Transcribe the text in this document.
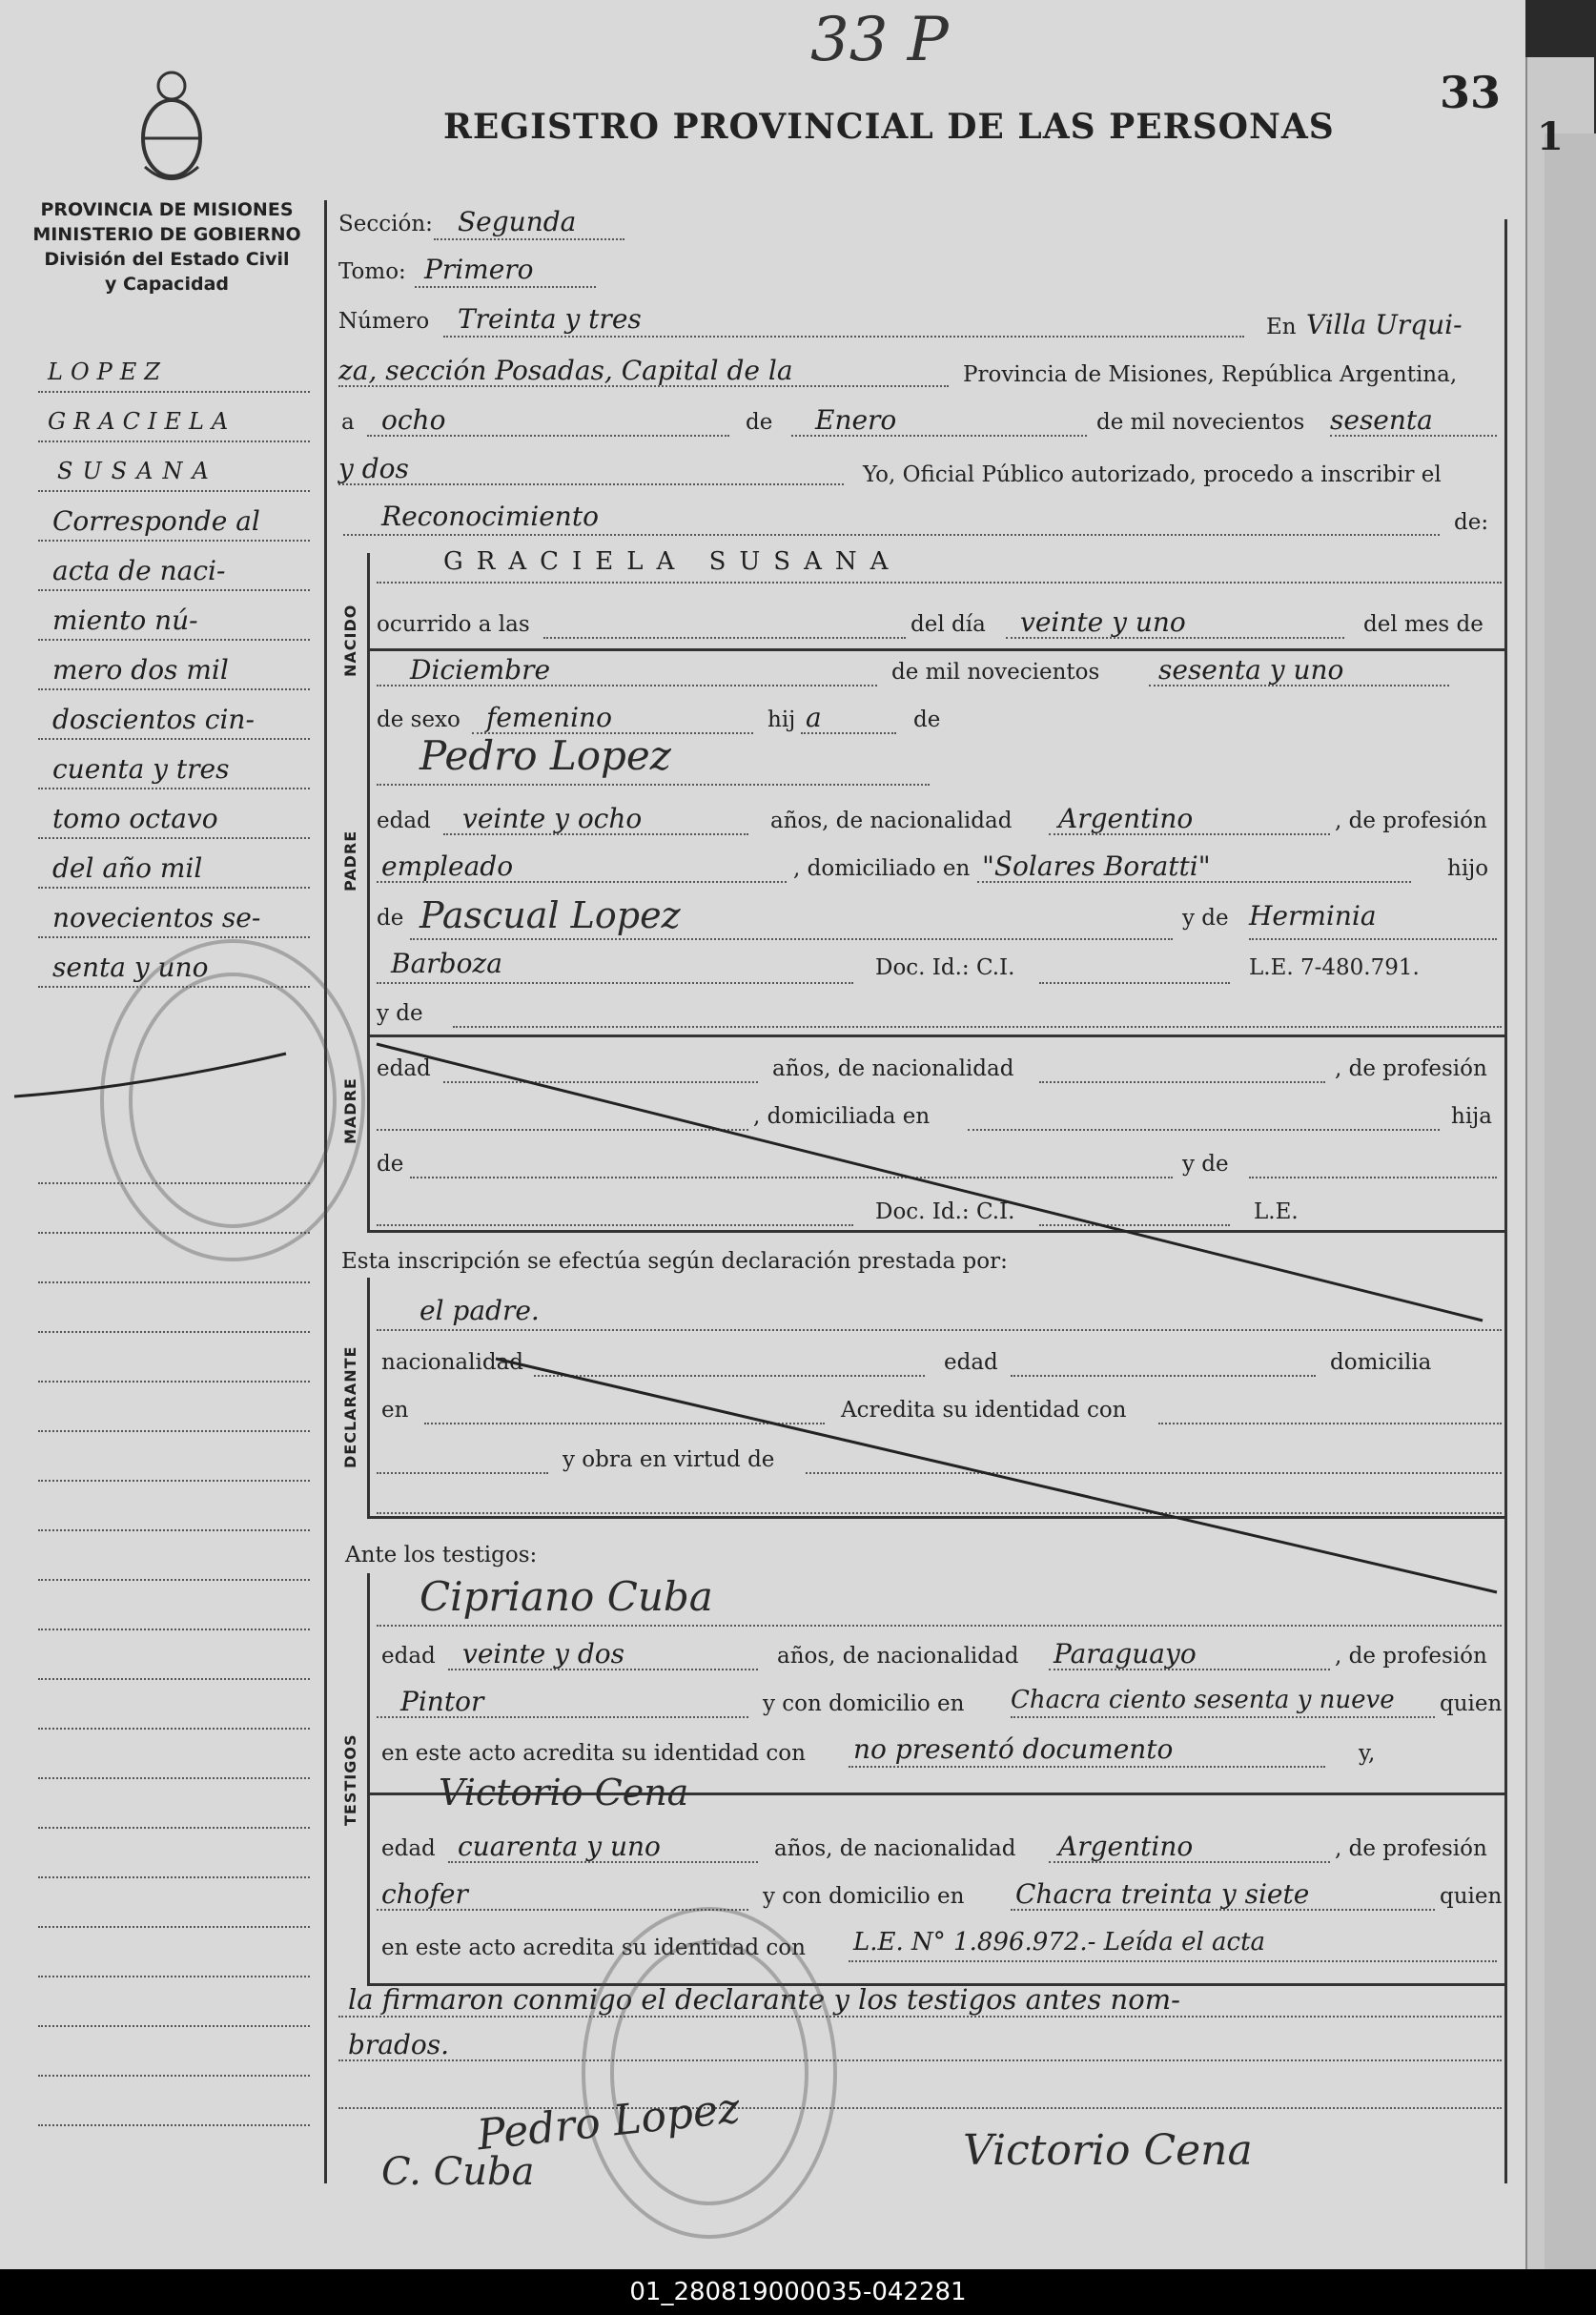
33 P
33
1
REGISTRO PROVINCIAL DE LAS PERSONAS
PROVINCIA DE MISIONES
MINISTERIO DE GOBIERNO
División del Estado Civil
y Capacidad
LOPEZ
GRACIELA
SUSANA
Corresponde al
acta de naci-
miento nú-
mero dos mil
doscientos cin-
cuenta y tres
tomo octavo
del año mil
novecientos se-
senta y uno
Sección: Segunda
Tomo: Primero
Número Treinta y tres	En Villa Urqui-
za, sección Posadas, Capital de la	Provincia de Misiones, República Argentina,
a ocho	de Enero	de mil novecientos sesenta
y dos	Yo, Oficial Público autorizado, procedo a inscribir el
Reconocimiento	de:
NACIDO
GRACIELA SUSANA
ocurrido a las	del día veinte y uno	del mes de
Diciembre	de mil novecientos sesenta y uno
de sexo femenino	hij a	de
PADRE
Pedro Lopez
edad veinte y ocho	años, de nacionalidad Argentino	, de profesión
empleado	, domiciliado en "Solares Boratti"	hijo
de Pascual Lopez	y de Herminia
Barboza	Doc. Id.: C.I.	L.E. 7-480.791.
MADRE
y de
edad	años, de nacionalidad	, de profesión
, domiciliada en	hija
de	y de
Doc. Id.: C.I.	L.E.
Esta inscripción se efectúa según declaración prestada por:
DECLARANTE
el padre.
nacionalidad	edad	domicilia
en	Acredita su identidad con
y obra en virtud de
Ante los testigos:
TESTIGOS
Cipriano Cuba
edad veinte y dos	años, de nacionalidad Paraguayo	, de profesión
Pintor	y con domicilio en Chacra ciento sesenta y nueve quien
en este acto acredita su identidad con no presentó documento	y,
Victorio Cena
edad cuarenta y uno	años, de nacionalidad Argentino	, de profesión
chofer	y con domicilio en Chacra treinta y siete	quien
en este acto acredita su identidad con L.E. N° 1.896.972.- Leída el acta
la firmaron conmigo el declarante y los testigos antes nom-
brados.
Pedro Lopez
C. Cuba	Victorio Cena
01_280819000035-042281
